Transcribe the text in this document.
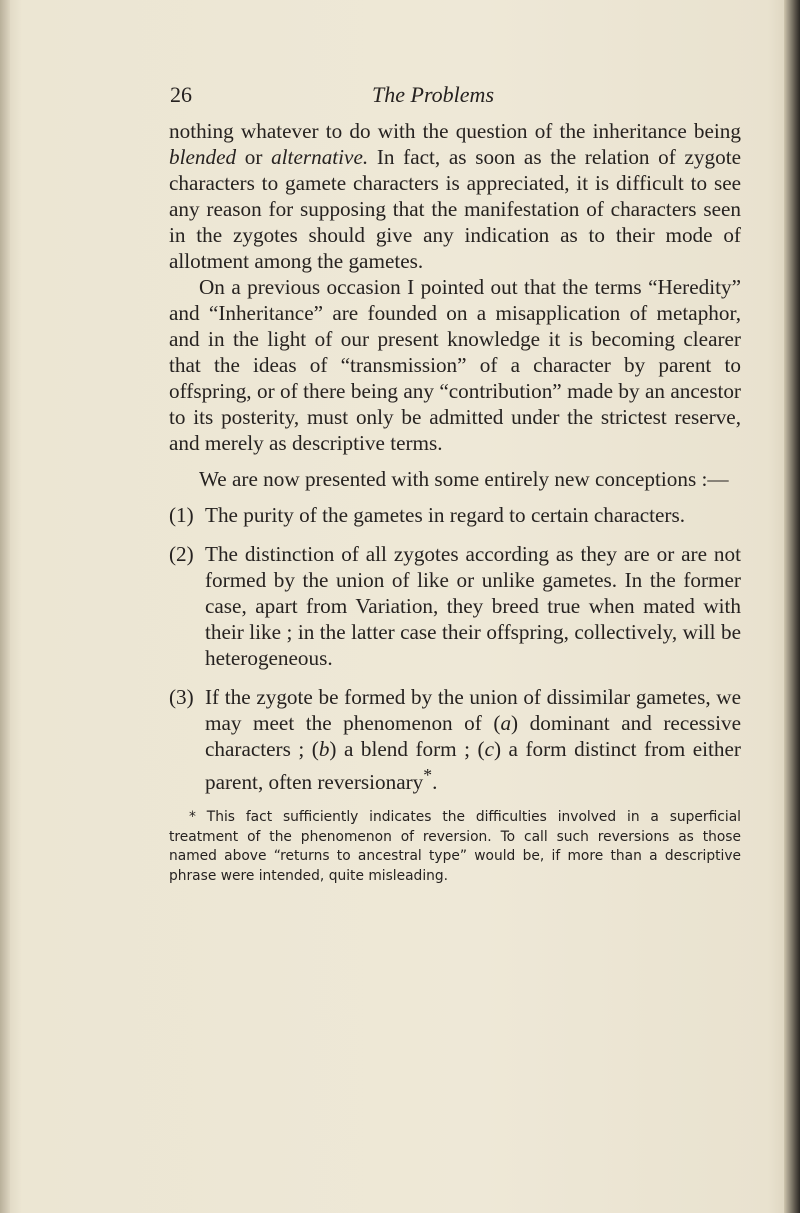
26	The Problems

nothing whatever to do with the question of the inheritance being blended or alternative. In fact, as soon as the relation of zygote characters to gamete characters is appreciated, it is difficult to see any reason for supposing that the manifestation of characters seen in the zygotes should give any indication as to their mode of allotment among the gametes.

On a previous occasion I pointed out that the terms “Heredity” and “Inheritance” are founded on a misapplication of metaphor, and in the light of our present knowledge it is becoming clearer that the ideas of “transmission” of a character by parent to offspring, or of there being any “contribution” made by an ancestor to its posterity, must only be admitted under the strictest reserve, and merely as descriptive terms.

We are now presented with some entirely new conceptions :—

(1) The purity of the gametes in regard to certain characters.
(2) The distinction of all zygotes according as they are or are not formed by the union of like or unlike gametes. In the former case, apart from Variation, they breed true when mated with their like ; in the latter case their offspring, collectively, will be heterogeneous.
(3) If the zygote be formed by the union of dissimilar gametes, we may meet the phenomenon of (a) dominant and recessive characters ; (b) a blend form ; (c) a form distinct from either parent, often reversionary*.

* This fact sufficiently indicates the difficulties involved in a superficial treatment of the phenomenon of reversion. To call such reversions as those named above “returns to ancestral type” would be, if more than a descriptive phrase were intended, quite misleading.
